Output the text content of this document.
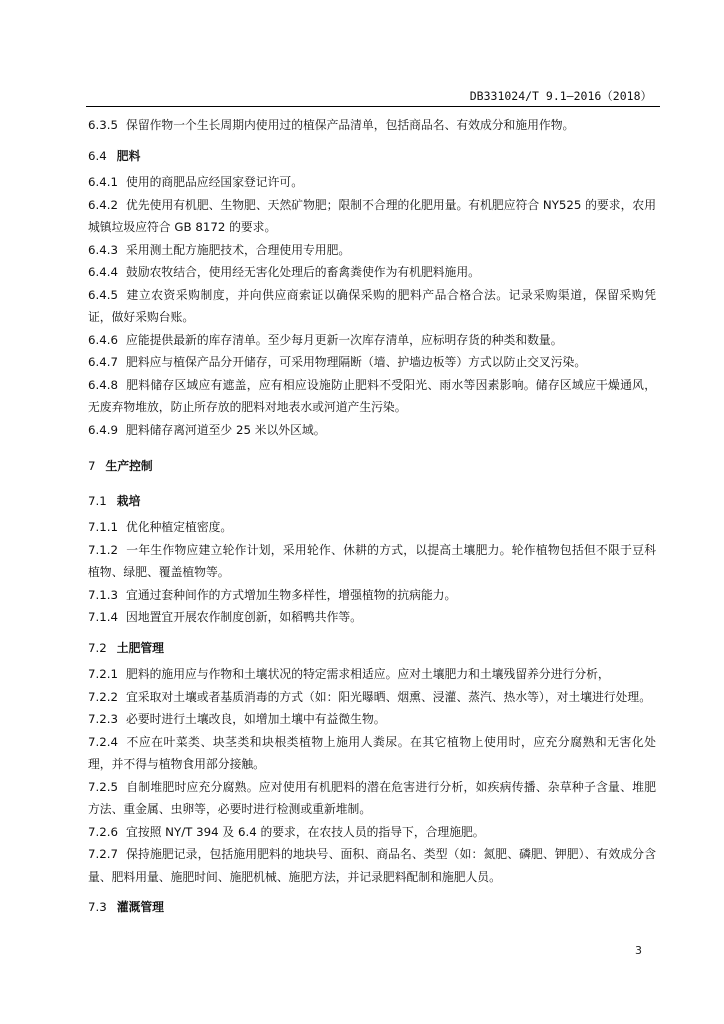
DB331024/T 9.1—2016（2018）

6.3.5 保留作物一个生长周期内使用过的植保产品清单，包括商品名、有效成分和施用作物。

6.4 肥料

6.4.1 使用的商肥品应经国家登记许可。

6.4.2 优先使用有机肥、生物肥、天然矿物肥；限制不合理的化肥用量。有机肥应符合 NY525 的要求，农用城镇垃圾应符合 GB 8172 的要求。

6.4.3 采用测土配方施肥技术，合理使用专用肥。

6.4.4 鼓励农牧结合，使用经无害化处理后的畜禽粪使作为有机肥料施用。

6.4.5 建立农资采购制度，并向供应商索证以确保采购的肥料产品合格合法。记录采购渠道，保留采购凭证，做好采购台账。

6.4.6 应能提供最新的库存清单。至少每月更新一次库存清单，应标明存货的种类和数量。

6.4.7 肥料应与植保产品分开储存，可采用物理隔断（墙、护墙边板等）方式以防止交叉污染。

6.4.8 肥料储存区域应有遮盖，应有相应设施防止肥料不受阳光、雨水等因素影响。储存区域应干燥通风，无废弃物堆放，防止所存放的肥料对地表水或河道产生污染。

6.4.9 肥料储存离河道至少 25 米以外区域。

7 生产控制

7.1 栽培

7.1.1 优化种植定植密度。

7.1.2 一年生作物应建立轮作计划，采用轮作、休耕的方式，以提高土壤肥力。轮作植物包括但不限于豆科植物、绿肥、覆盖植物等。

7.1.3 宜通过套种间作的方式增加生物多样性，增强植物的抗病能力。

7.1.4 因地置宜开展农作制度创新，如稻鸭共作等。

7.2 土肥管理

7.2.1 肥料的施用应与作物和土壤状况的特定需求相适应。应对土壤肥力和土壤残留养分进行分析，

7.2.2 宜采取对土壤或者基质消毒的方式（如：阳光曝晒、烟熏、浸灌、蒸汽、热水等），对土壤进行处理。

7.2.3 必要时进行土壤改良，如增加土壤中有益微生物。

7.2.4 不应在叶菜类、块茎类和块根类植物上施用人粪尿。在其它植物上使用时，应充分腐熟和无害化处理，并不得与植物食用部分接触。

7.2.5 自制堆肥时应充分腐熟。应对使用有机肥料的潜在危害进行分析，如疾病传播、杂草种子含量、堆肥方法、重金属、虫卵等，必要时进行检测或重新堆制。

7.2.6 宜按照 NY/T 394 及 6.4 的要求，在农技人员的指导下，合理施肥。

7.2.7 保持施肥记录，包括施用肥料的地块号、面积、商品名、类型（如：氮肥、磷肥、钾肥）、有效成分含量、肥料用量、施肥时间、施肥机械、施肥方法，并记录肥料配制和施肥人员。

7.3 灌溉管理

3
